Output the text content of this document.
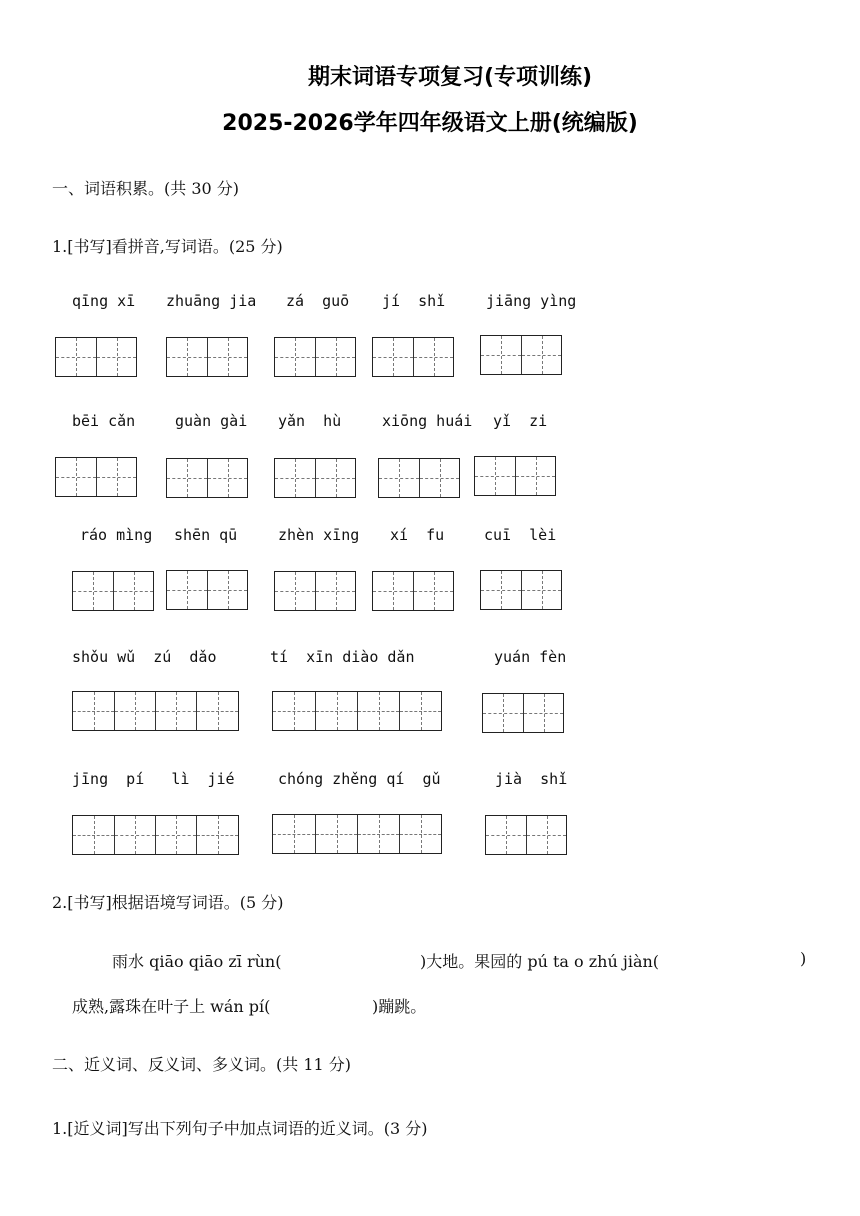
期末词语专项复习(专项训练)
2025-2026学年四年级语文上册(统编版)
一、词语积累。(共 30 分)
1.[书写]看拼音,写词语。(25 分)
qīng xī zhuāng jia zá  guō jí  shǐ	jiāng yìng
bēi cǎn	guàn gài yǎn  hù	xiōng huái yǐ  zi
ráo mìng shēn qū	zhèn xīng xí  fu	cuī  lèi
shǒu wǔ  zú  dǎo	tí  xīn diào dǎn	yuán fèn
jīng  pí   lì  jié	chóng zhěng qí  gǔ	jià  shǐ
2.[书写]根据语境写词语。(5 分)
雨水 qiāo qiāo zī rùn(	)大地。果园的 pú ta o zhú jiàn(	)
成熟,露珠在叶子上 wán pí(	)蹦跳。
二、近义词、反义词、多义词。(共 11 分)
1.[近义词]写出下列句子中加点词语的近义词。(3 分)
